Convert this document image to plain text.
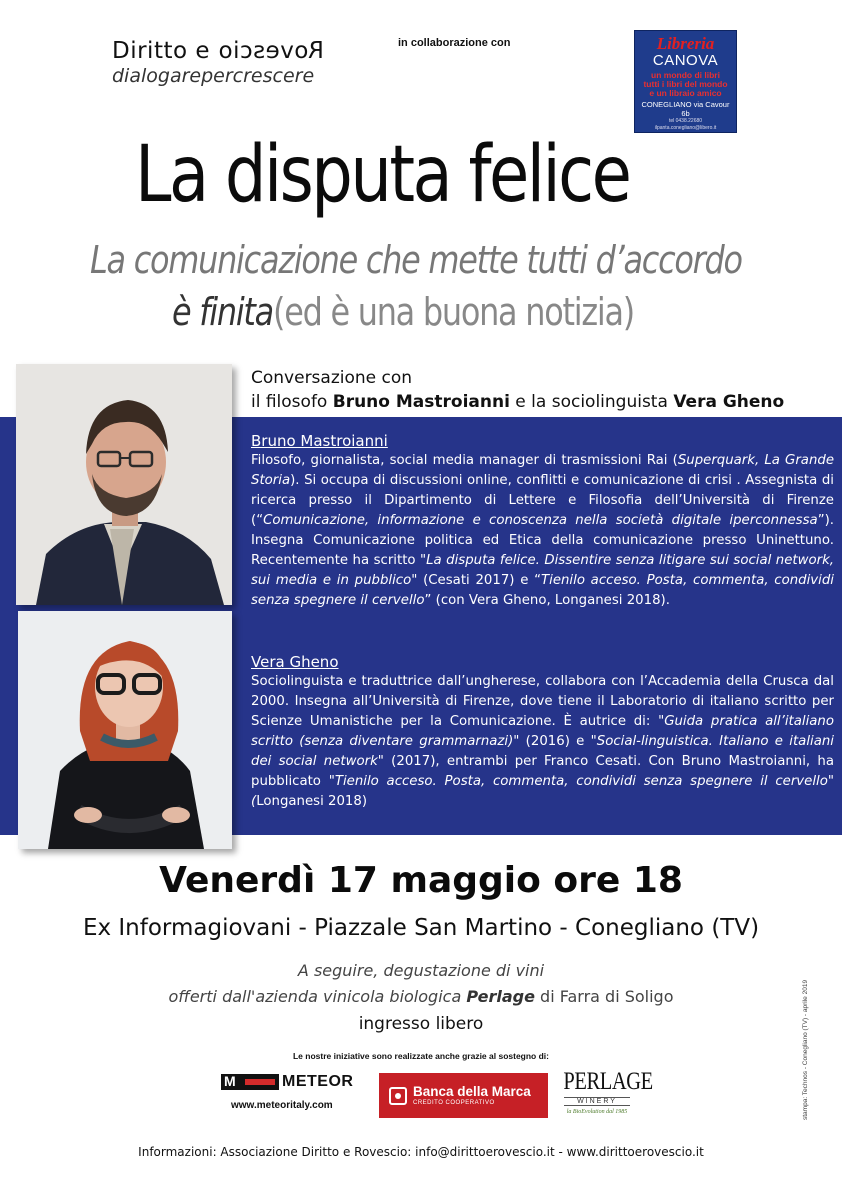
Diritto e Rovescio
dialogarepercrescere
in collaborazione con	Libreria
CANOVA
un mondo di libri
tutti i libri del mondo
e un libraio amico
CONEGLIANO via Cavour 6b
tel 0438.22680 ilpanta.conegliano@libero.it
www.canovaedizioni.eu
La disputa felice
La comunicazione che mette tutti d’accordo
è finita(ed è una buona notizia)
Conversazione con
il filosofo Bruno Mastroianni e la sociolinguista Vera Gheno
Bruno Mastroianni
Filosofo, giornalista, social media manager di trasmissioni Rai (Superquark, La Grande Storia). Si occupa di discussioni online, conflitti e comunicazione di crisi . Assegnista di ricerca presso il Dipartimento di Lettere e Filosofia dell’Università di Firenze (“Comunicazione, informazione e conoscenza nella società digitale iperconnessa”). Insegna Comunicazione politica ed Etica della comunicazione presso Uninettuno. Recentemente ha scritto "La disputa felice. Dissentire senza litigare sui social network, sui media e in pubblico" (Cesati 2017) e “Tienilo acceso. Posta, commenta, condividi senza spegnere il cervello” (con Vera Gheno, Longanesi 2018).
Vera Gheno
Sociolinguista e traduttrice dall’ungherese, collabora con l’Accademia della Crusca dal 2000. Insegna all’Università di Firenze, dove tiene il Laboratorio di italiano scritto per Scienze Umanistiche per la Comunicazione. È autrice di: "Guida pratica all’italiano scritto (senza diventare grammarnazi)" (2016) e "Social-linguistica. Italiano e italiani dei social network" (2017), entrambi per Franco Cesati. Con Bruno Mastroianni, ha pubblicato "Tienilo acceso. Posta, commenta, condividi senza spegnere il cervello" (Longanesi 2018)
Venerdì 17 maggio ore 18
Ex Informagiovani - Piazzale San Martino - Conegliano (TV)
A seguire, degustazione di vini
offerti dall'azienda vinicola biologica Perlage di Farra di Soligo
ingresso libero
Le nostre iniziative sono realizzate anche grazie al sostegno di:
M
METEOR
www.meteoritaly.com
Banca della Marca
CREDITO COOPERATIVO
PERLAGE
WINERY
la BioEvolution dal 1985	stampa: Technos - Conegliano (TV) - aprile 2019
Informazioni: Associazione Diritto e Rovescio: info@dirittoerovescio.it - www.dirittoerovescio.it
